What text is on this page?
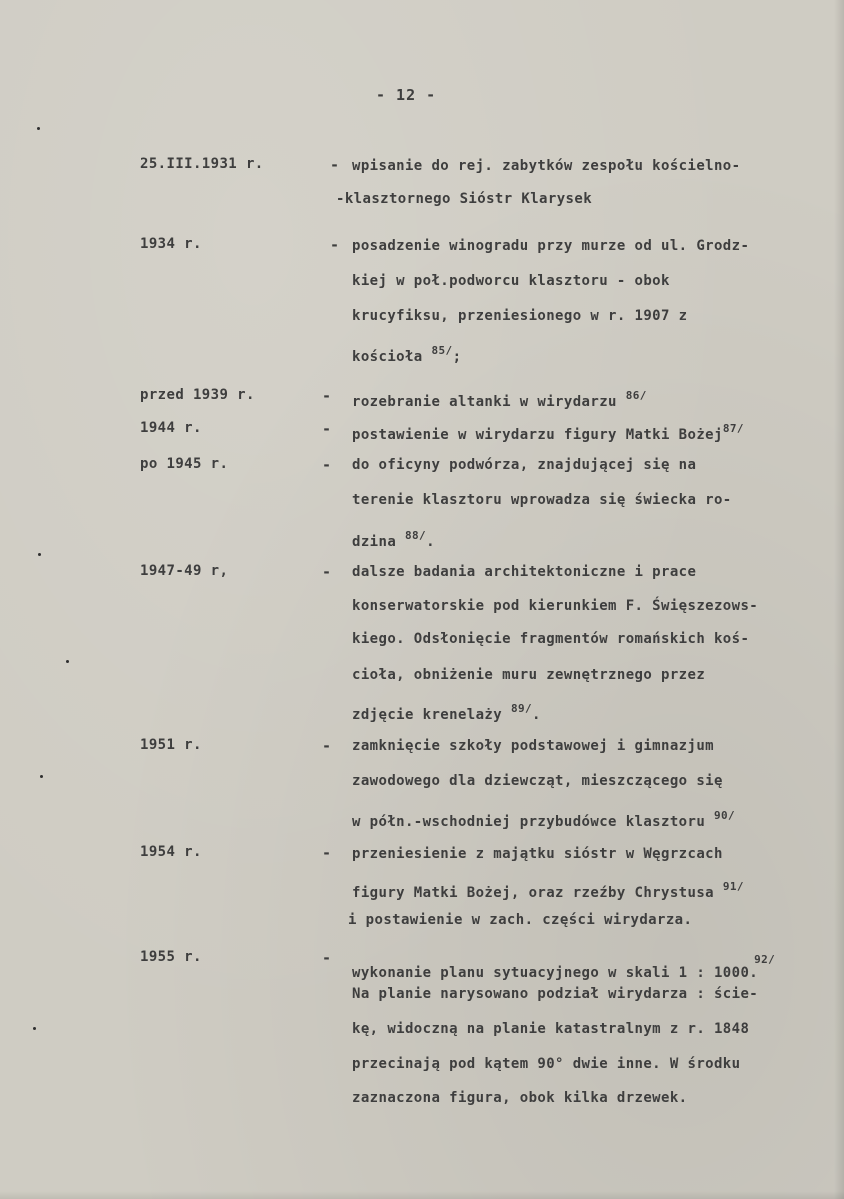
- 12 -

25.III.1931 r.	- wpisanie do rej. zabytków zespołu kościelno-

-klasztornego Sióstr Klarysek

1934 r.	- posadzenie winogradu przy murze od ul. Grodz-

kiej w poł.podworcu klasztoru - obok

krucyfiksu, przeniesionego w r. 1907 z

kościoła $^{85/}$;

przed 1939 r.	- rozebranie altanki w wirydarzu $^{86/}$

1944 r.	- postawienie w wirydarzu figury Matki Bożej$^{87/}$

po 1945 r.	- do oficyny podwórza, znajdującej się na

terenie klasztoru wprowadza się świecka ro-

dzina $^{88/}$.

1947-49 r,	- dalsze badania architektoniczne i prace

konserwatorskie pod kierunkiem F. Święszezows-

kiego. Odsłonięcie fragmentów romańskich koś-

cioła, obniżenie muru zewnętrznego przez

zdjęcie krenelaży $^{89/}$.

1951 r.	- zamknięcie szkoły podstawowej i gimnazjum

zawodowego dla dziewcząt, mieszczącego się

w półn.-wschodniej przybudówce klasztoru $^{90/}$

1954 r.	- przeniesienie z majątku sióstr w Węgrzcach

figury Matki Bożej, oraz rzeźby Chrystusa $^{91/}$

i postawienie w zach. części wirydarza.

1955 r.	-

wykonanie planu sytuacyjnego w skali 1 : 1000.$^{92/}$

Na planie narysowano podział wirydarza : ście-

kę, widoczną na planie katastralnym z r. 1848

przecinają pod kątem 90° dwie inne. W środku

zaznaczona figura, obok kilka drzewek.
